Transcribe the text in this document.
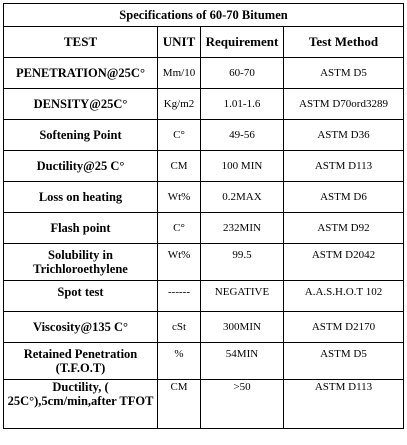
Specifications of 60-70 Bitumen			
TEST	UNIT	Requirement	Test Method
PENETRATION@25C°	Mm/10	60-70	ASTM D5
DENSITY@25C°	Kg/m2	1.01-1.6	ASTM D70ord3289
Softening Point	C°	49-56	ASTM D36
Ductility@25 C°	CM	100 MIN	ASTM D113
Loss on heating	Wt%	0.2MAX	ASTM D6
Flash point	C°	232MIN	ASTM D92
Solubility in Trichloroethylene	Wt%	99.5	ASTM D2042
Spot test	------	NEGATIVE	A.A.S.H.O.T 102
Viscosity@135 C°	cSt	300MIN	ASTM D2170
Retained Penetration (T.F.O.T)	%	54MIN	ASTM D5
Ductility, ( 25C°),5cm/min,after TFOT	CM	>50	ASTM D113
